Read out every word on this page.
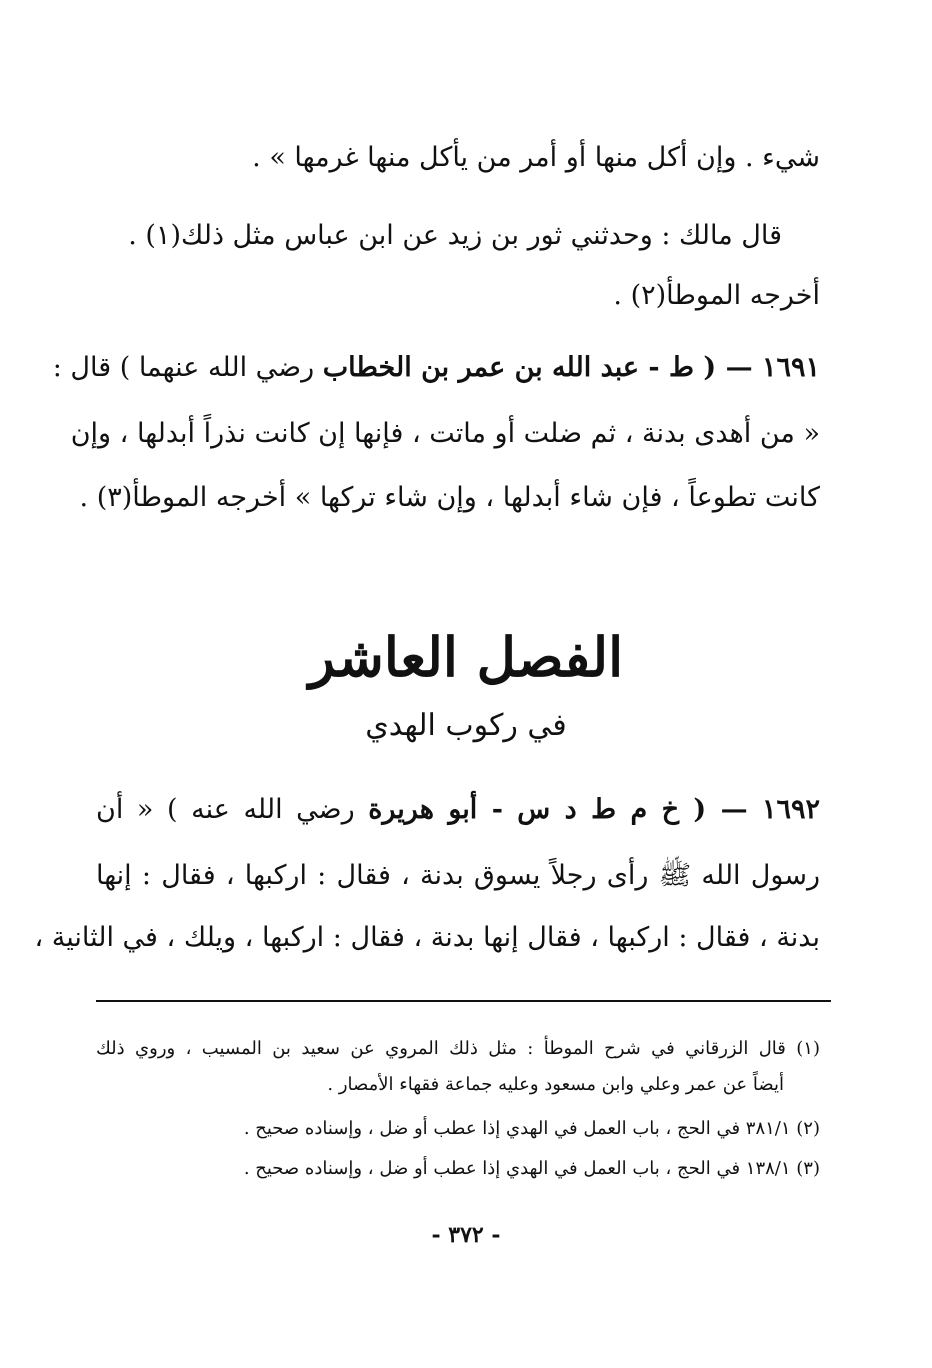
شيء . وإن أكل منها أو أمر من يأكل منها غرمها » .
قال مالك : وحدثني ثور بن زيد عن ابن عباس مثل ذلك(١) .
أخرجه الموطأ(٢) .
١٦٩١ — ( ط - عبد الله بن عمر بن الخطاب رضي الله عنهما ) قال :
« من أهدى بدنة ، ثم ضلت أو ماتت ، فإنها إن كانت نذراً أبدلها ، وإن
كانت تطوعاً ، فإن شاء أبدلها ، وإن شاء تركها » أخرجه الموطأ(٣) .
الفصل العاشر
في ركوب الهدي
١٦٩٢ — ( خ م ط د س - أبو هريرة رضي الله عنه ) « أن
رسول الله ﷺ رأى رجلاً يسوق بدنة ، فقال : اركبها ، فقال : إنها
بدنة ، فقال : اركبها ، فقال إنها بدنة ، فقال : اركبها ، ويلك ، في الثانية ،
(١) قال الزرقاني في شرح الموطأ : مثل ذلك المروي عن سعيد بن المسيب ، وروي ذلك
أيضاً عن عمر وعلي وابن مسعود وعليه جماعة فقهاء الأمصار .
(٢) ٣٨١/١ في الحج ، باب العمل في الهدي إذا عطب أو ضل ، وإسناده صحيح .
(٣) ١٣٨/١ في الحج ، باب العمل في الهدي إذا عطب أو ضل ، وإسناده صحيح .
- ٣٧٢ -
